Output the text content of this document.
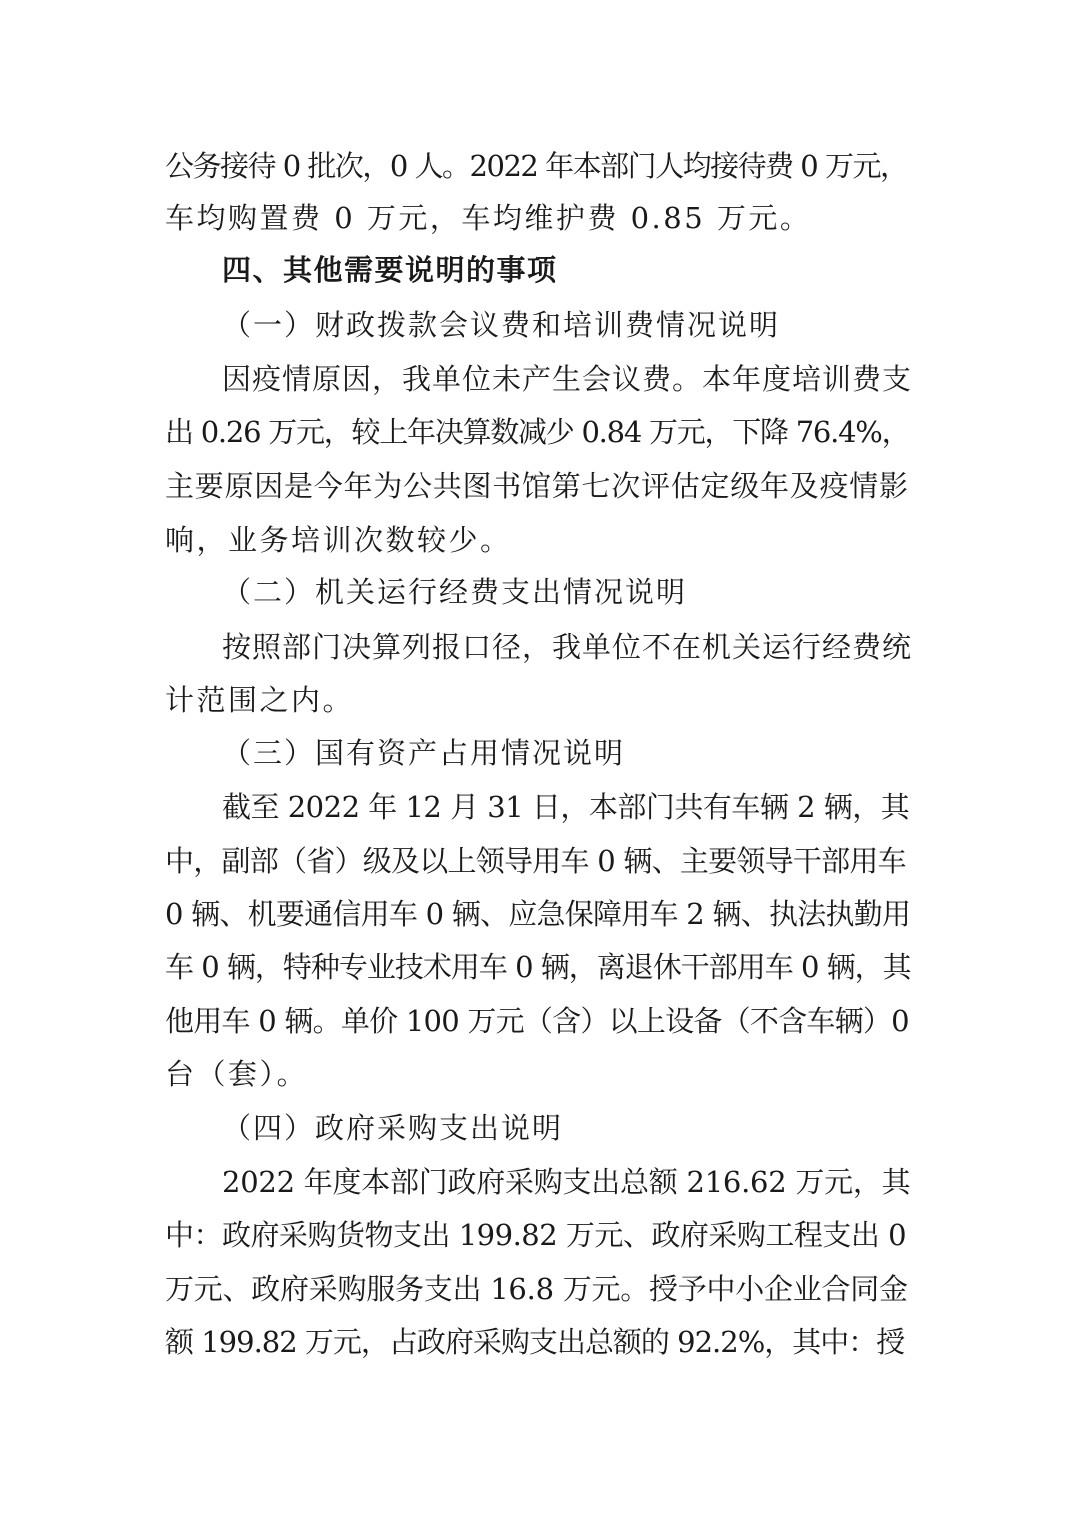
公务接待 0 批次，0 人。2022 年本部门人均接待费 0 万元，
车均购置费 0 万元，车均维护费 0.85 万元。
四、其他需要说明的事项
（一）财政拨款会议费和培训费情况说明
因疫情原因，我单位未产生会议费。本年度培训费支
出 0.26 万元，较上年决算数减少 0.84 万元，下降 76.4%，
主要原因是今年为公共图书馆第七次评估定级年及疫情影
响，业务培训次数较少。
（二）机关运行经费支出情况说明
按照部门决算列报口径，我单位不在机关运行经费统
计范围之内。
（三）国有资产占用情况说明
截至 2022 年 12 月 31 日，本部门共有车辆 2 辆，其
中，副部（省）级及以上领导用车 0 辆、主要领导干部用车
0 辆、机要通信用车 0 辆、应急保障用车 2 辆、执法执勤用
车 0 辆，特种专业技术用车 0 辆，离退休干部用车 0 辆，其
他用车 0 辆。单价 100 万元（含）以上设备（不含车辆）0
台（套）。
（四）政府采购支出说明
2022 年度本部门政府采购支出总额 216.62 万元，其
中：政府采购货物支出 199.82 万元、政府采购工程支出 0
万元、政府采购服务支出 16.8 万元。授予中小企业合同金
额 199.82 万元，占政府采购支出总额的 92.2%，其中：授
